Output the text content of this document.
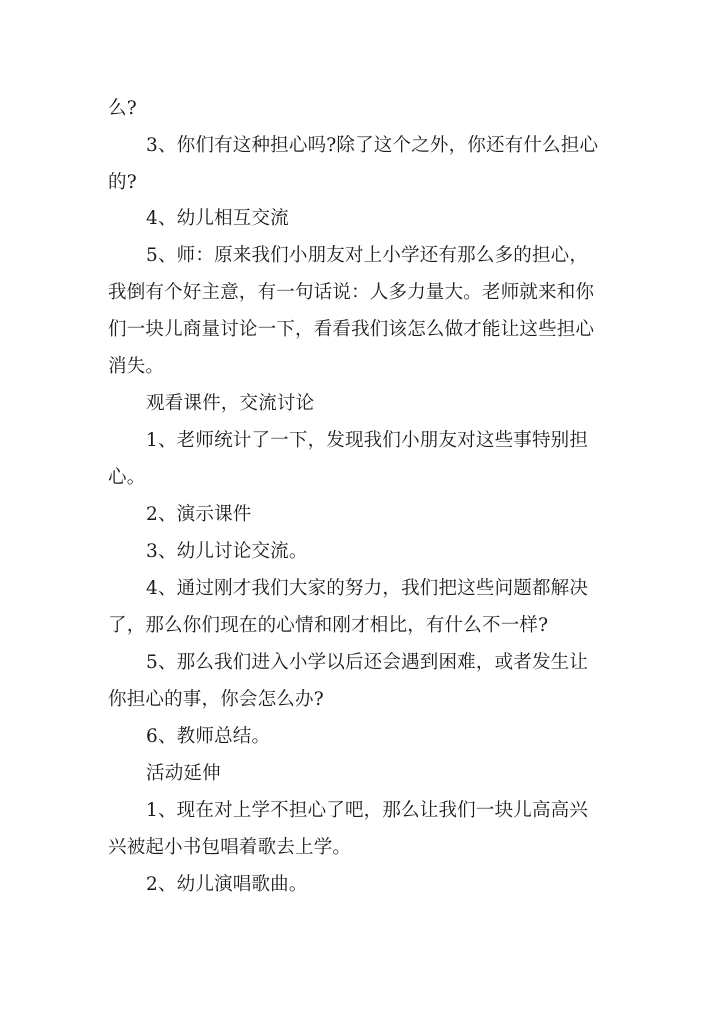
么?
3、你们有这种担心吗?除了这个之外，你还有什么担心
的?
4、幼儿相互交流
5、师：原来我们小朋友对上小学还有那么多的担心，
我倒有个好主意，有一句话说：人多力量大。老师就来和你
们一块儿商量讨论一下，看看我们该怎么做才能让这些担心
消失。
观看课件，交流讨论
1、老师统计了一下，发现我们小朋友对这些事特别担
心。
2、演示课件
3、幼儿讨论交流。
4、通过刚才我们大家的努力，我们把这些问题都解决
了，那么你们现在的心情和刚才相比，有什么不一样?
5、那么我们进入小学以后还会遇到困难，或者发生让
你担心的事，你会怎么办?
6、教师总结。
活动延伸
1、现在对上学不担心了吧，那么让我们一块儿高高兴
兴被起小书包唱着歌去上学。
2、幼儿演唱歌曲。
